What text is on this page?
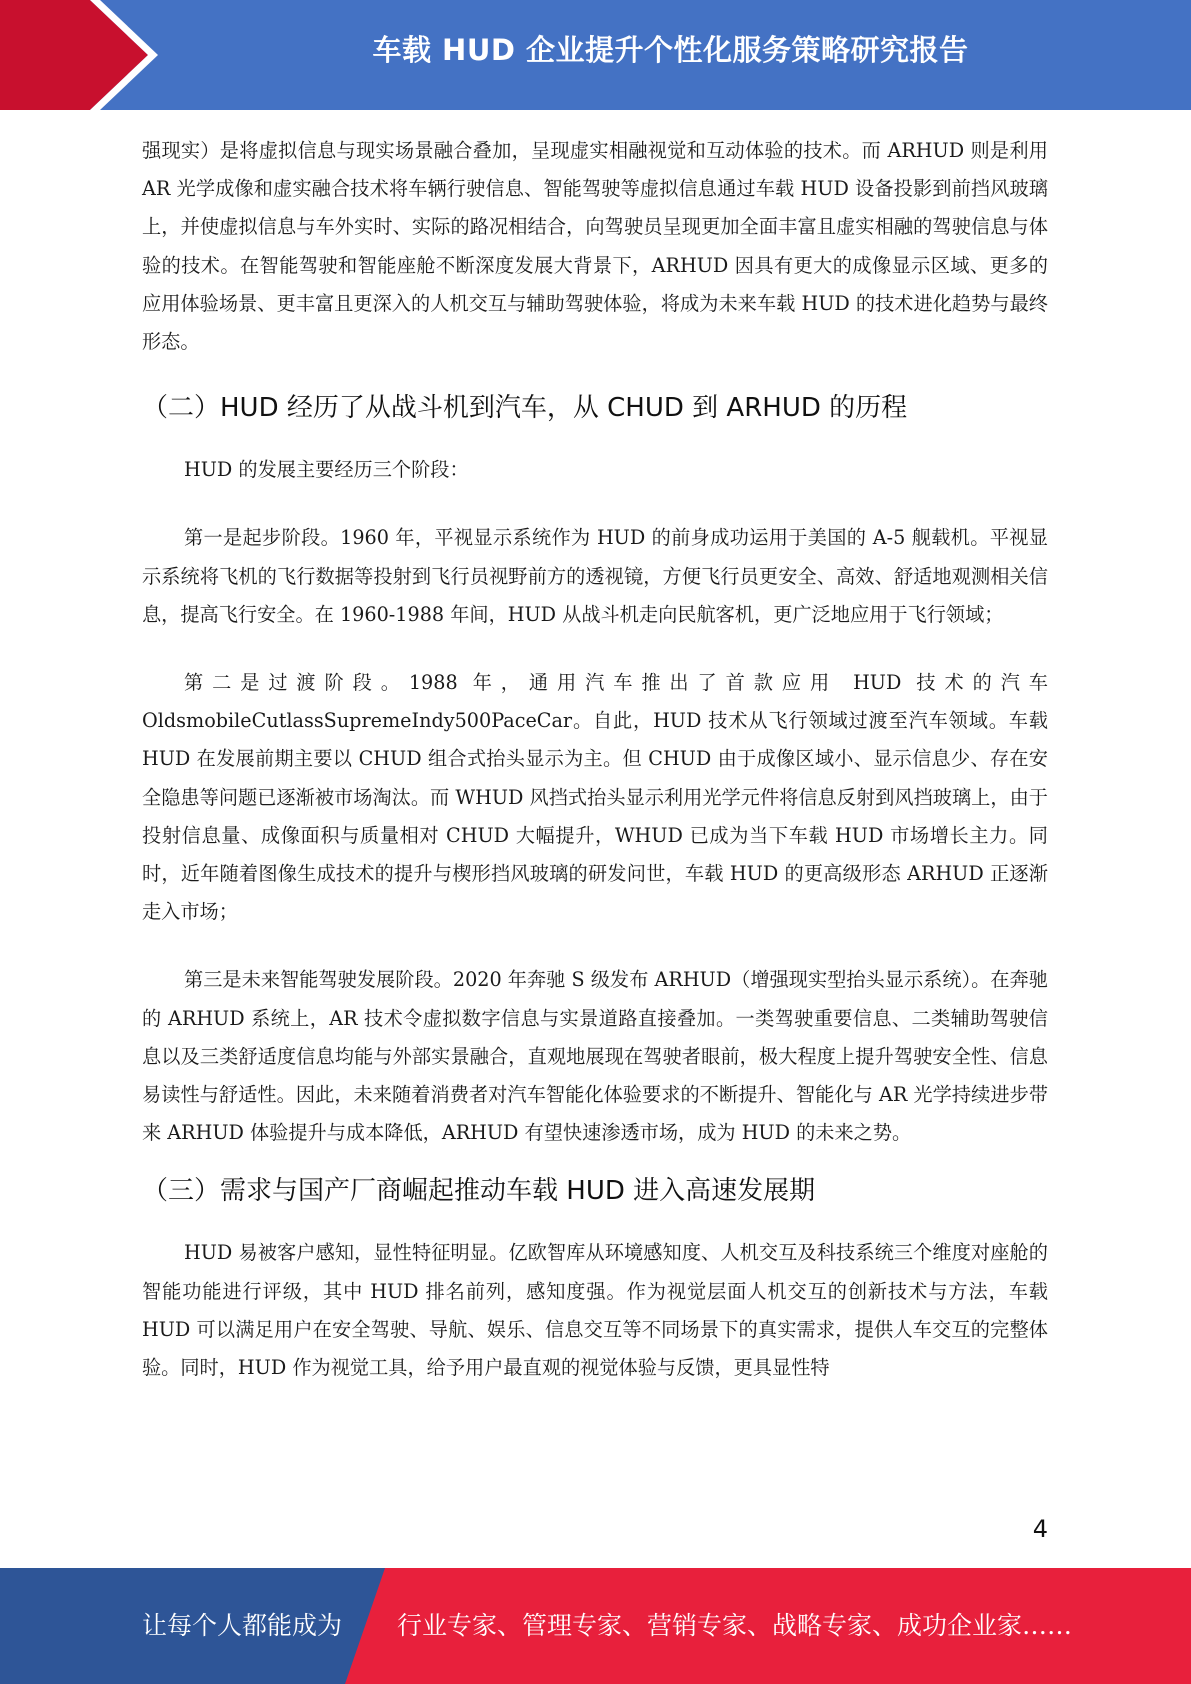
车载 HUD 企业提升个性化服务策略研究报告

强现实）是将虚拟信息与现实场景融合叠加，呈现虚实相融视觉和互动体验的技术。而 ARHUD 则是利用 AR 光学成像和虚实融合技术将车辆行驶信息、智能驾驶等虚拟信息通过车载 HUD 设备投影到前挡风玻璃上，并使虚拟信息与车外实时、实际的路况相结合，向驾驶员呈现更加全面丰富且虚实相融的驾驶信息与体验的技术。在智能驾驶和智能座舱不断深度发展大背景下，ARHUD 因具有更大的成像显示区域、更多的应用体验场景、更丰富且更深入的人机交互与辅助驾驶体验，将成为未来车载 HUD 的技术进化趋势与最终形态。

（二）HUD 经历了从战斗机到汽车，从 CHUD 到 ARHUD 的历程

HUD 的发展主要经历三个阶段：

第一是起步阶段。1960 年，平视显示系统作为 HUD 的前身成功运用于美国的 A-5 舰载机。平视显示系统将飞机的飞行数据等投射到飞行员视野前方的透视镜，方便飞行员更安全、高效、舒适地观测相关信息，提高飞行安全。在 1960-1988 年间，HUD 从战斗机走向民航客机，更广泛地应用于飞行领域；

第二是过渡阶段。1988 年，通用汽车推出了首款应用 HUD 技术的汽车 OldsmobileCutlassSupremeIndy500PaceCar。自此，HUD 技术从飞行领域过渡至汽车领域。车载 HUD 在发展前期主要以 CHUD 组合式抬头显示为主。但 CHUD 由于成像区域小、显示信息少、存在安全隐患等问题已逐渐被市场淘汰。而 WHUD 风挡式抬头显示利用光学元件将信息反射到风挡玻璃上，由于投射信息量、成像面积与质量相对 CHUD 大幅提升，WHUD 已成为当下车载 HUD 市场增长主力。同时，近年随着图像生成技术的提升与楔形挡风玻璃的研发问世，车载 HUD 的更高级形态 ARHUD 正逐渐走入市场；

第三是未来智能驾驶发展阶段。2020 年奔驰 S 级发布 ARHUD（增强现实型抬头显示系统）。在奔驰的 ARHUD 系统上，AR 技术令虚拟数字信息与实景道路直接叠加。一类驾驶重要信息、二类辅助驾驶信息以及三类舒适度信息均能与外部实景融合，直观地展现在驾驶者眼前，极大程度上提升驾驶安全性、信息易读性与舒适性。因此，未来随着消费者对汽车智能化体验要求的不断提升、智能化与 AR 光学持续进步带来 ARHUD 体验提升与成本降低，ARHUD 有望快速渗透市场，成为 HUD 的未来之势。

（三）需求与国产厂商崛起推动车载 HUD 进入高速发展期

HUD 易被客户感知，显性特征明显。亿欧智库从环境感知度、人机交互及科技系统三个维度对座舱的智能功能进行评级，其中 HUD 排名前列，感知度强。作为视觉层面人机交互的创新技术与方法，车载 HUD 可以满足用户在安全驾驶、导航、娱乐、信息交互等不同场景下的真实需求，提供人车交互的完整体验。同时，HUD 作为视觉工具，给予用户最直观的视觉体验与反馈，更具显性特

4
让每个人都能成为 行业专家、管理专家、营销专家、战略专家、成功企业家……
